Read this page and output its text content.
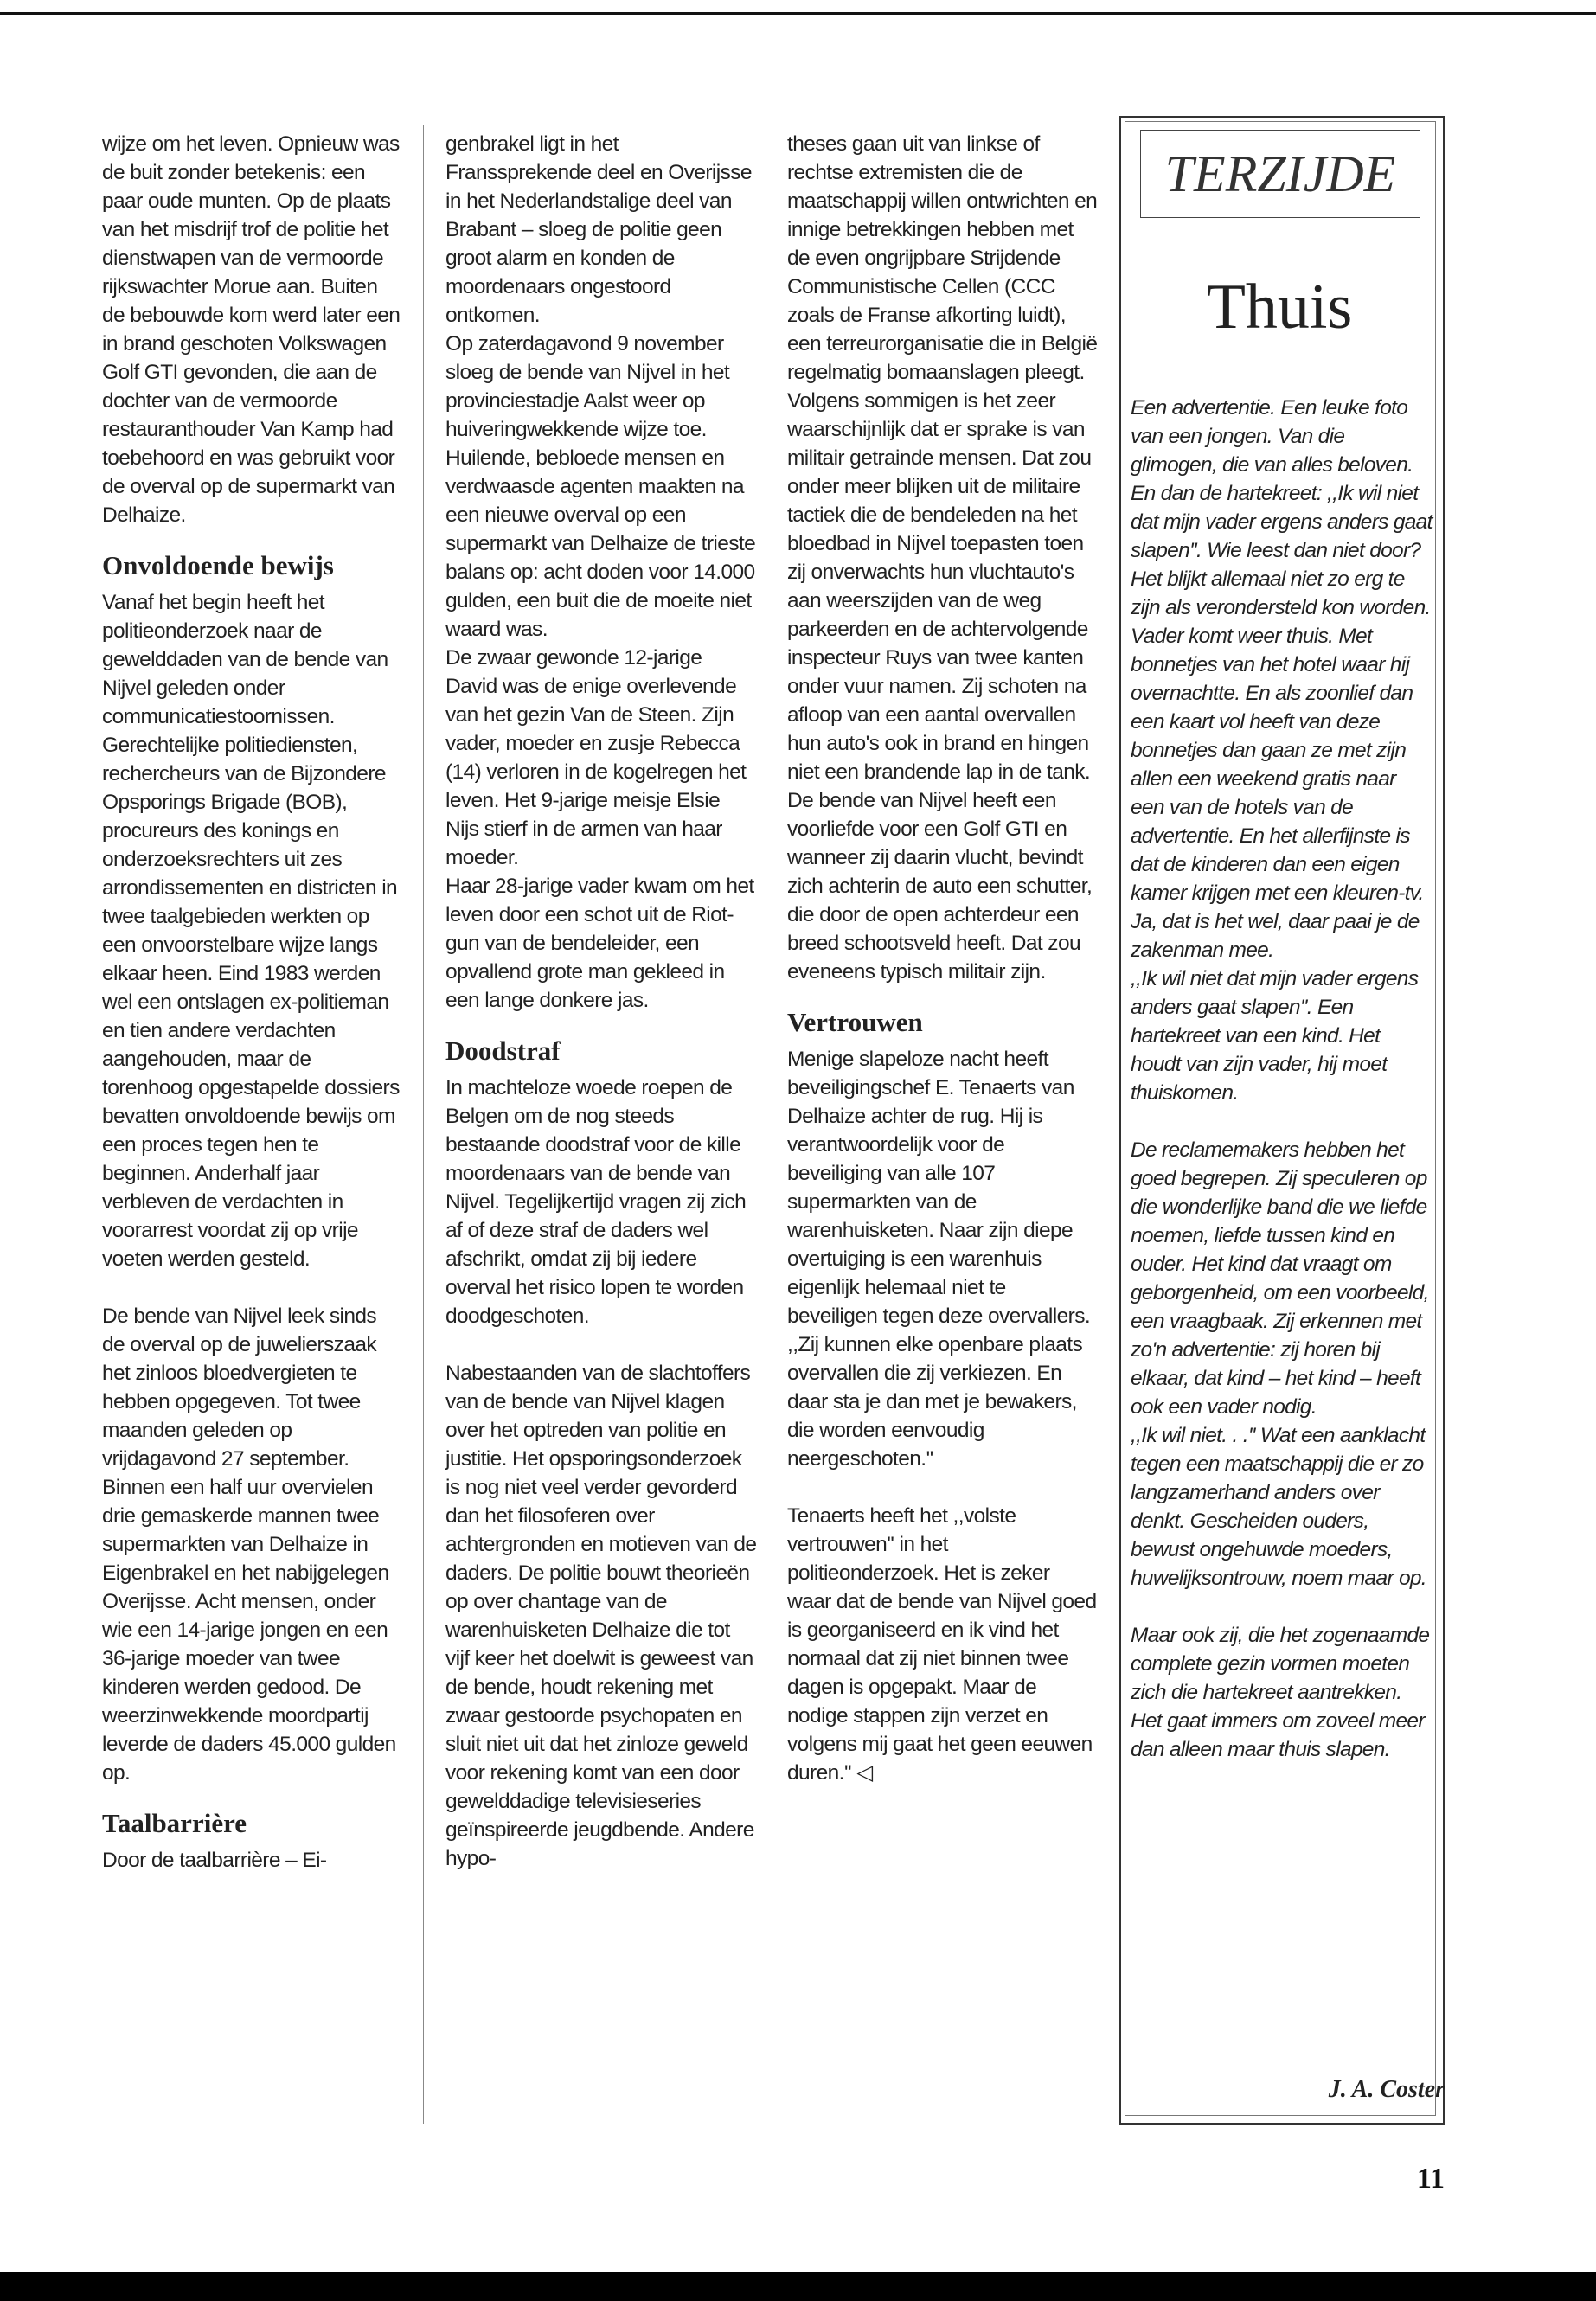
wijze om het leven. Opnieuw was de buit zonder betekenis: een paar oude munten. Op de plaats van het misdrijf trof de politie het dienstwapen van de vermoorde rijkswachter Morue aan. Buiten de bebouwde kom werd later een in brand geschoten Volkswagen Golf GTI gevonden, die aan de dochter van de vermoorde restauranthouder Van Kamp had toebehoord en was gebruikt voor de overval op de supermarkt van Delhaize.

Onvoldoende bewijs

Vanaf het begin heeft het politieonderzoek naar de gewelddaden van de bende van Nijvel geleden onder communicatiestoornissen. Gerechtelijke politiediensten, rechercheurs van de Bijzondere Opsporings Brigade (BOB), procureurs des konings en onderzoeksrechters uit zes arrondissementen en districten in twee taalgebieden werkten op een onvoorstelbare wijze langs elkaar heen. Eind 1983 werden wel een ontslagen ex-politieman en tien andere verdachten aangehouden, maar de torenhoog opgestapelde dossiers bevatten onvoldoende bewijs om een proces tegen hen te beginnen. Anderhalf jaar verbleven de verdachten in voorarrest voordat zij op vrije voeten werden gesteld.

De bende van Nijvel leek sinds de overval op de juwelierszaak het zinloos bloedvergieten te hebben opgegeven. Tot twee maanden geleden op vrijdagavond 27 september. Binnen een half uur overvielen drie gemaskerde mannen twee supermarkten van Delhaize in Eigenbrakel en het nabijgelegen Overijsse. Acht mensen, onder wie een 14-jarige jongen en een 36-jarige moeder van twee kinderen werden gedood. De weerzinwekkende moordpartij leverde de daders 45.000 gulden op.

Taalbarrière

Door de taalbarrière – Ei-

genbrakel ligt in het Franssprekende deel en Overijsse in het Nederlandstalige deel van Brabant – sloeg de politie geen groot alarm en konden de moordenaars ongestoord ontkomen.

Op zaterdagavond 9 november sloeg de bende van Nijvel in het provinciestadje Aalst weer op huiveringwekkende wijze toe. Huilende, bebloede mensen en verdwaasde agenten maakten na een nieuwe overval op een supermarkt van Delhaize de trieste balans op: acht doden voor 14.000 gulden, een buit die de moeite niet waard was.

De zwaar gewonde 12-jarige David was de enige overlevende van het gezin Van de Steen. Zijn vader, moeder en zusje Rebecca (14) verloren in de kogelregen het leven. Het 9-jarige meisje Elsie Nijs stierf in de armen van haar moeder.

Haar 28-jarige vader kwam om het leven door een schot uit de Riot-gun van de bendeleider, een opvallend grote man gekleed in een lange donkere jas.

Doodstraf

In machteloze woede roepen de Belgen om de nog steeds bestaande doodstraf voor de kille moordenaars van de bende van Nijvel. Tegelijkertijd vragen zij zich af of deze straf de daders wel afschrikt, omdat zij bij iedere overval het risico lopen te worden doodgeschoten.

Nabestaanden van de slachtoffers van de bende van Nijvel klagen over het optreden van politie en justitie. Het opsporingsonderzoek is nog niet veel verder gevorderd dan het filosoferen over achtergronden en motieven van de daders. De politie bouwt theorieën op over chantage van de warenhuisketen Delhaize die tot vijf keer het doelwit is geweest van de bende, houdt rekening met zwaar gestoorde psychopaten en sluit niet uit dat het zinloze geweld voor rekening komt van een door gewelddadige televisieseries geïnspireerde jeugdbende. Andere hypo-

theses gaan uit van linkse of rechtse extremisten die de maatschappij willen ontwrichten en innige betrekkingen hebben met de even ongrijpbare Strijdende Communistische Cellen (CCC zoals de Franse afkorting luidt), een terreurorganisatie die in België regelmatig bomaanslagen pleegt.

Volgens sommigen is het zeer waarschijnlijk dat er sprake is van militair getrainde mensen. Dat zou onder meer blijken uit de militaire tactiek die de bendeleden na het bloedbad in Nijvel toepasten toen zij onverwachts hun vluchtauto's aan weerszijden van de weg parkeerden en de achtervolgende inspecteur Ruys van twee kanten onder vuur namen. Zij schoten na afloop van een aantal overvallen hun auto's ook in brand en hingen niet een brandende lap in de tank. De bende van Nijvel heeft een voorliefde voor een Golf GTI en wanneer zij daarin vlucht, bevindt zich achterin de auto een schutter, die door de open achterdeur een breed schootsveld heeft. Dat zou eveneens typisch militair zijn.

Vertrouwen

Menige slapeloze nacht heeft beveiligingschef E. Tenaerts van Delhaize achter de rug. Hij is verantwoordelijk voor de beveiliging van alle 107 supermarkten van de warenhuisketen. Naar zijn diepe overtuiging is een warenhuis eigenlijk helemaal niet te beveiligen tegen deze overvallers. ,,Zij kunnen elke openbare plaats overvallen die zij verkiezen. En daar sta je dan met je bewakers, die worden eenvoudig neergeschoten.''

Tenaerts heeft het ,,volste vertrouwen'' in het politieonderzoek. Het is zeker waar dat de bende van Nijvel goed is georganiseerd en ik vind het normaal dat zij niet binnen twee dagen is opgepakt. Maar de nodige stappen zijn verzet en volgens mij gaat het geen eeuwen duren.'' ◁

TERZIJDE
Thuis

Een advertentie. Een leuke foto van een jongen. Van die glimogen, die van alles beloven. En dan de hartekreet: ,,Ik wil niet dat mijn vader ergens anders gaat slapen''. Wie leest dan niet door?

Het blijkt allemaal niet zo erg te zijn als verondersteld kon worden. Vader komt weer thuis. Met bonnetjes van het hotel waar hij overnachtte. En als zoonlief dan een kaart vol heeft van deze bonnetjes dan gaan ze met zijn allen een weekend gratis naar een van de hotels van de advertentie. En het allerfijnste is dat de kinderen dan een eigen kamer krijgen met een kleuren-tv. Ja, dat is het wel, daar paai je de zakenman mee.

,,Ik wil niet dat mijn vader ergens anders gaat slapen''. Een hartekreet van een kind. Het houdt van zijn vader, hij moet thuiskomen.

De reclamemakers hebben het goed begrepen. Zij speculeren op die wonderlijke band die we liefde noemen, liefde tussen kind en ouder. Het kind dat vraagt om geborgenheid, om een voorbeeld, een vraagbaak. Zij erkennen met zo'n advertentie: zij horen bij elkaar, dat kind – het kind – heeft ook een vader nodig.

,,Ik wil niet. . .'' Wat een aanklacht tegen een maatschappij die er zo langzamerhand anders over denkt. Gescheiden ouders, bewust ongehuwde moeders, huwelijksontrouw, noem maar op.

Maar ook zij, die het zogenaamde complete gezin vormen moeten zich die hartekreet aantrekken. Het gaat immers om zoveel meer dan alleen maar thuis slapen.

J. A. Coster
11
